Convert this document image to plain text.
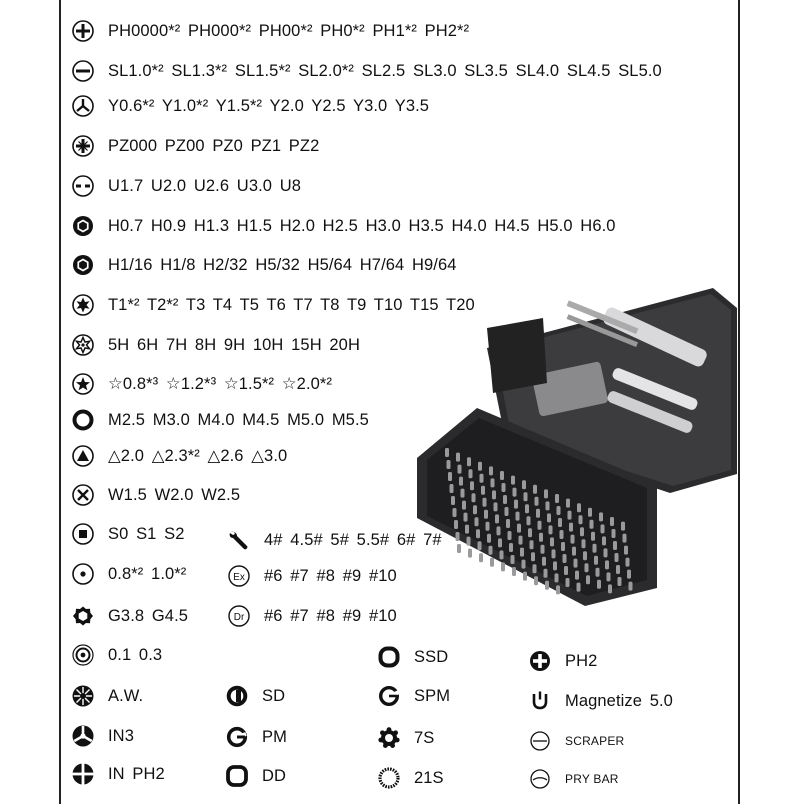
PH0000*² PH000*² PH00*² PH0*² PH1*² PH2*²
SL1.0*² SL1.3*² SL1.5*² SL2.0*² SL2.5 SL3.0 SL3.5 SL4.0 SL4.5 SL5.0
Y0.6*² Y1.0*² Y1.5*² Y2.0 Y2.5 Y3.0 Y3.5
PZ000 PZ00 PZ0 PZ1 PZ2
U1.7 U2.0 U2.6 U3.0 U8
H0.7 H0.9 H1.3 H1.5 H2.0 H2.5 H3.0 H3.5 H4.0 H4.5 H5.0 H6.0
H1/16 H1/8 H2/32 H5/32 H5/64 H7/64 H9/64
T1*² T2*² T3 T4 T5 T6 T7 T8 T9 T10 T15 T20
5H 6H 7H 8H 9H 10H 15H 20H
☆0.8*³ ☆1.2*³ ☆1.5*² ☆2.0*²
M2.5 M3.0 M4.0 M4.5 M5.0 M5.5
△2.0 △2.3*² △2.6 △3.0
W1.5 W2.0 W2.5
S0 S1 S2
0.8*² 1.0*²
G3.8 G4.5
0.1 0.3
A.W.
IN3
IN PH2
4# 4.5# 5# 5.5# 6# 7#
Ex #6 #7 #8 #9 #10
Dr #6 #7 #8 #9 #10
SD
PM
DD
SSD
SPM
7S
21S
PH2
Magnetize 5.0
SCRAPER
PRY BAR
